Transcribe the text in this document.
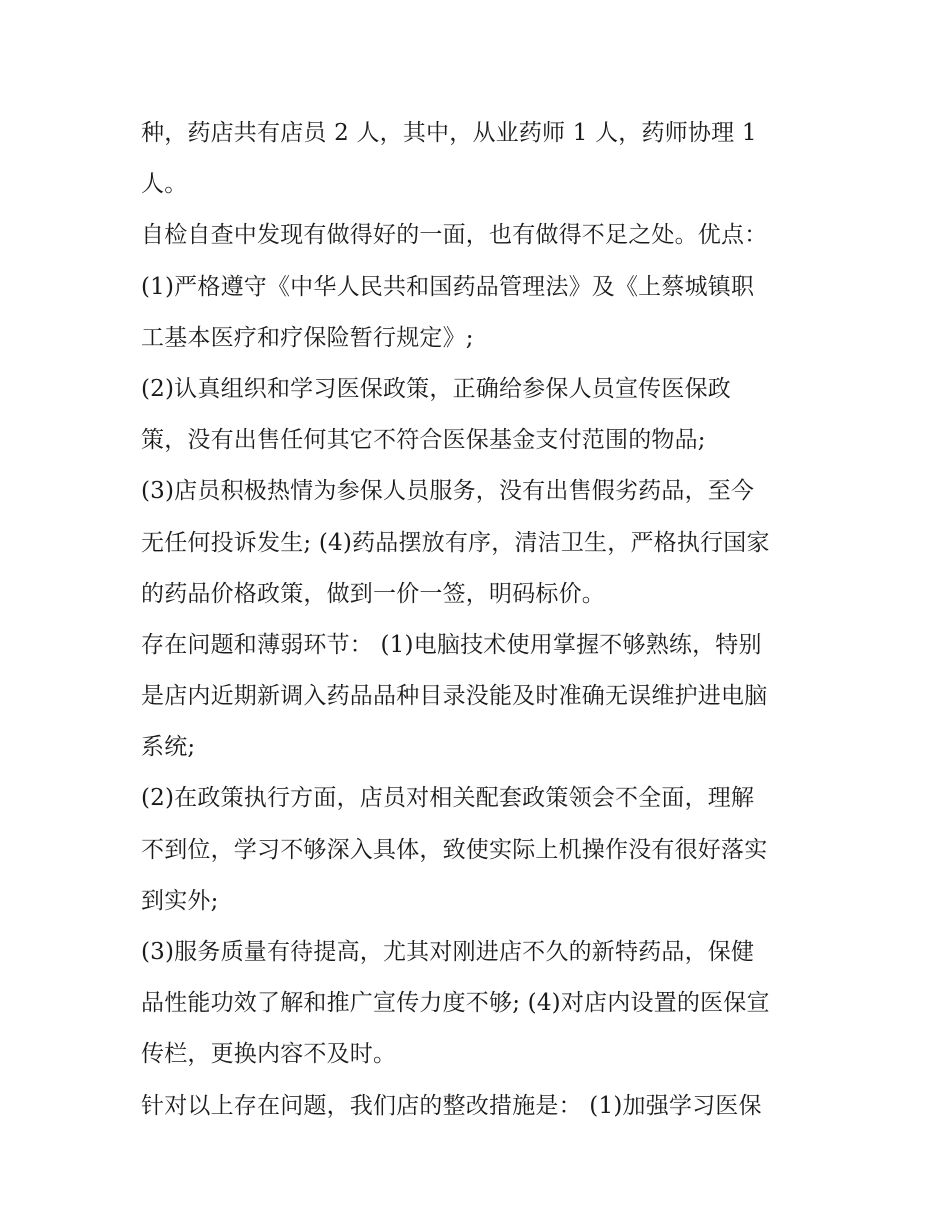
种，药店共有店员 2 人，其中，从业药师 1 人，药师协理 1
人。
自检自查中发现有做得好的一面，也有做得不足之处。优点：
(1)严格遵守《中华人民共和国药品管理法》及《上蔡城镇职
工基本医疗和疗保险暂行规定》;
(2)认真组织和学习医保政策，正确给参保人员宣传医保政
策，没有出售任何其它不符合医保基金支付范围的物品;
(3)店员积极热情为参保人员服务，没有出售假劣药品，至今
无任何投诉发生; (4)药品摆放有序，清洁卫生，严格执行国家
的药品价格政策，做到一价一签，明码标价。
存在问题和薄弱环节： (1)电脑技术使用掌握不够熟练，特别
是店内近期新调入药品品种目录没能及时准确无误维护进电脑
系统;
(2)在政策执行方面，店员对相关配套政策领会不全面，理解
不到位，学习不够深入具体，致使实际上机操作没有很好落实
到实外;
(3)服务质量有待提高，尤其对刚进店不久的新特药品，保健
品性能功效了解和推广宣传力度不够; (4)对店内设置的医保宣
传栏，更换内容不及时。
针对以上存在问题，我们店的整改措施是： (1)加强学习医保
